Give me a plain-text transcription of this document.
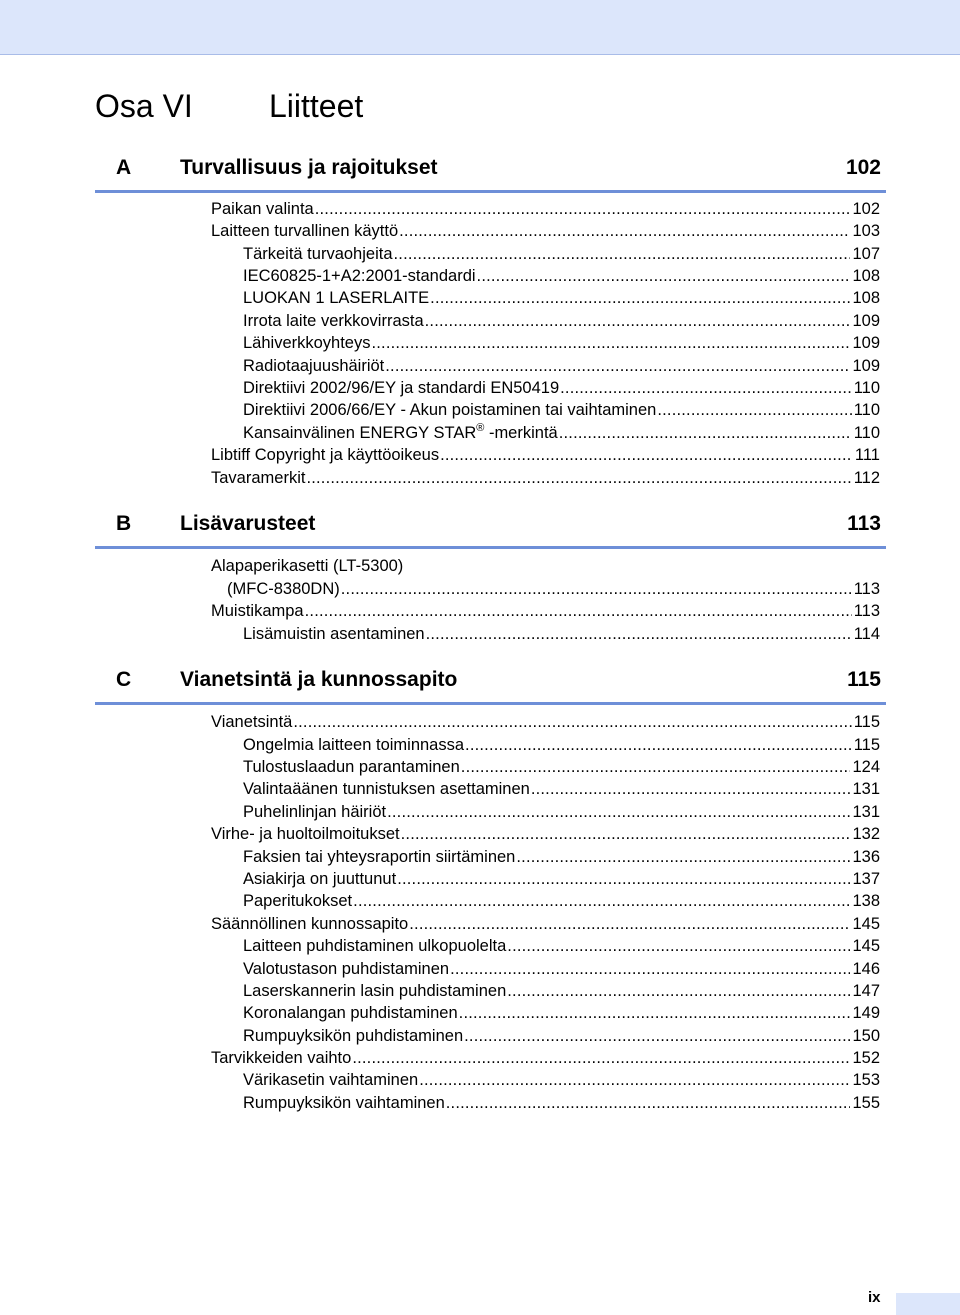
Osa VI Liitteet
A Turvallisuus ja rajoitukset	102
Paikan valinta .....	102
Laitteen turvallinen käyttö .....	103
Tärkeitä turvaohjeita .....	107
IEC60825-1+A2:2001-standardi .....	108
LUOKAN 1 LASERLAITE .....	108
Irrota laite verkkovirrasta .....	109
Lähiverkkoyhteys .....	109
Radiotaajuushäiriöt .....	109
Direktiivi 2002/96/EY ja standardi EN50419 .....	110
Direktiivi 2006/66/EY - Akun poistaminen tai vaihtaminen .....	110
Kansainvälinen ENERGY STAR® -merkintä .....	110
Libtiff Copyright ja käyttöoikeus .....	111
Tavaramerkit .....	112
B Lisävarusteet	113
Alapaperikasetti (LT-5300)
(MFC-8380DN) .....	113
Muistikampa .....	113
Lisämuistin asentaminen .....	114
C Vianetsintä ja kunnossapito	115
Vianetsintä .....	115
Ongelmia laitteen toiminnassa .....	115
Tulostuslaadun parantaminen .....	124
Valintaäänen tunnistuksen asettaminen .....	131
Puhelinlinjan häiriöt .....	131
Virhe- ja huoltoilmoitukset .....	132
Faksien tai yhteysraportin siirtäminen .....	136
Asiakirja on juuttunut .....	137
Paperitukokset .....	138
Säännöllinen kunnossapito .....	145
Laitteen puhdistaminen ulkopuolelta .....	145
Valotustason puhdistaminen .....	146
Laserskannerin lasin puhdistaminen .....	147
Koronalangan puhdistaminen .....	149
Rumpuyksikön puhdistaminen .....	150
Tarvikkeiden vaihto .....	152
Värikasetin vaihtaminen .....	153
Rumpuyksikön vaihtaminen .....	155
ix
